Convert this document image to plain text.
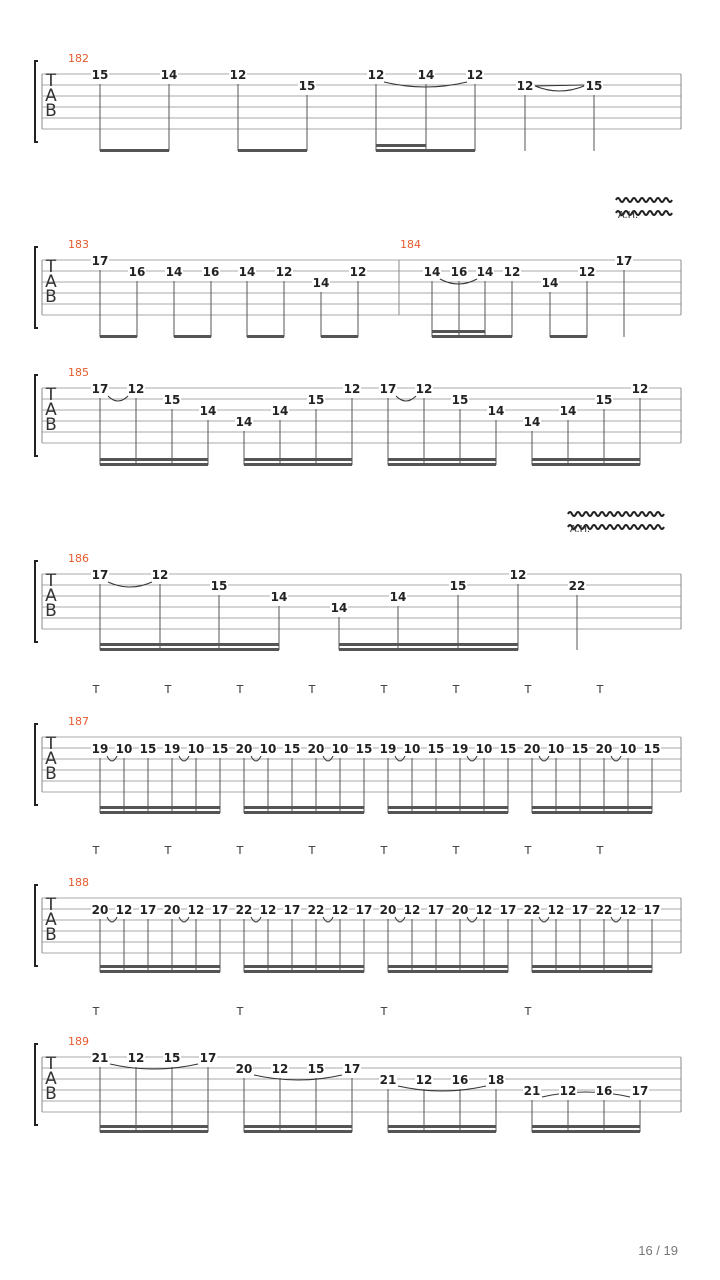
T
A
B
182
15	14	12
15
12	14	12
12	15
T
A
B
183
17
16 14 16 14 12
14
12
184
14 16 14 12
14
12
17
A.H.
T
A
B
185
17 12
15
14
14
14
15
12 17 12
15
14
14
14
15
12
T
A
B
186
17	12
15
14
14
14
15
12
22
A.H.
T
A
B
187
T	T	T	T	T	T	T	T
19 10 15 19 10 15 20 10 15 20 10 15 19 10 15 19 10 15 20 10 15 20 10 15
T
A
B
188
T	T	T	T	T	T	T	T
20 12 17 20 12 17 22 12 17 22 12 17 20 12 17 20 12 17 22 12 17 22 12 17
T
A
B
189
T	T	T	T
21 12 15 17
20 12 15 17
21 12 16 18
21 12 16 17
16 / 19
